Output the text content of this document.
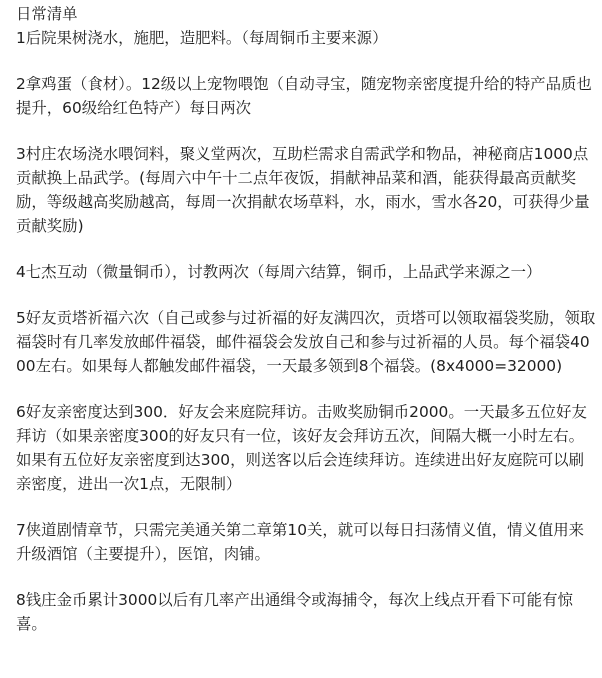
日常清单

1后院果树浇水，施肥，造肥料。（每周铜币主要来源）

2拿鸡蛋（食材）。12级以上宠物喂饱（自动寻宝，随宠物亲密度提升给的特产品质也提升，60级给红色特产）每日两次

3村庄农场浇水喂饲料，聚义堂两次，互助栏需求自需武学和物品，神秘商店1000点贡献换上品武学。(每周六中午十二点年夜饭，捐献神品菜和酒，能获得最高贡献奖励，等级越高奖励越高，每周一次捐献农场草料，水，雨水，雪水各20，可获得少量贡献奖励)

4七杰互动（微量铜币），讨教两次（每周六结算，铜币，上品武学来源之一）

5好友贡塔祈福六次（自己或参与过祈福的好友满四次，贡塔可以领取福袋奖励，领取福袋时有几率发放邮件福袋，邮件福袋会发放自己和参与过祈福的人员。每个福袋4000左右。如果每人都触发邮件福袋，一天最多领到8个福袋。(8x4000=32000)

6好友亲密度达到300．好友会来庭院拜访。击败奖励铜币2000。一天最多五位好友拜访（如果亲密度300的好友只有一位，该好友会拜访五次，间隔大概一小时左右。如果有五位好友亲密度到达300，则送客以后会连续拜访。连续进出好友庭院可以刷亲密度，进出一次1点，无限制）

7侠道剧情章节，只需完美通关第二章第10关，就可以每日扫荡情义值，情义值用来升级酒馆（主要提升），医馆，肉铺。

8钱庄金币累计3000以后有几率产出通缉令或海捕令，每次上线点开看下可能有惊喜。
